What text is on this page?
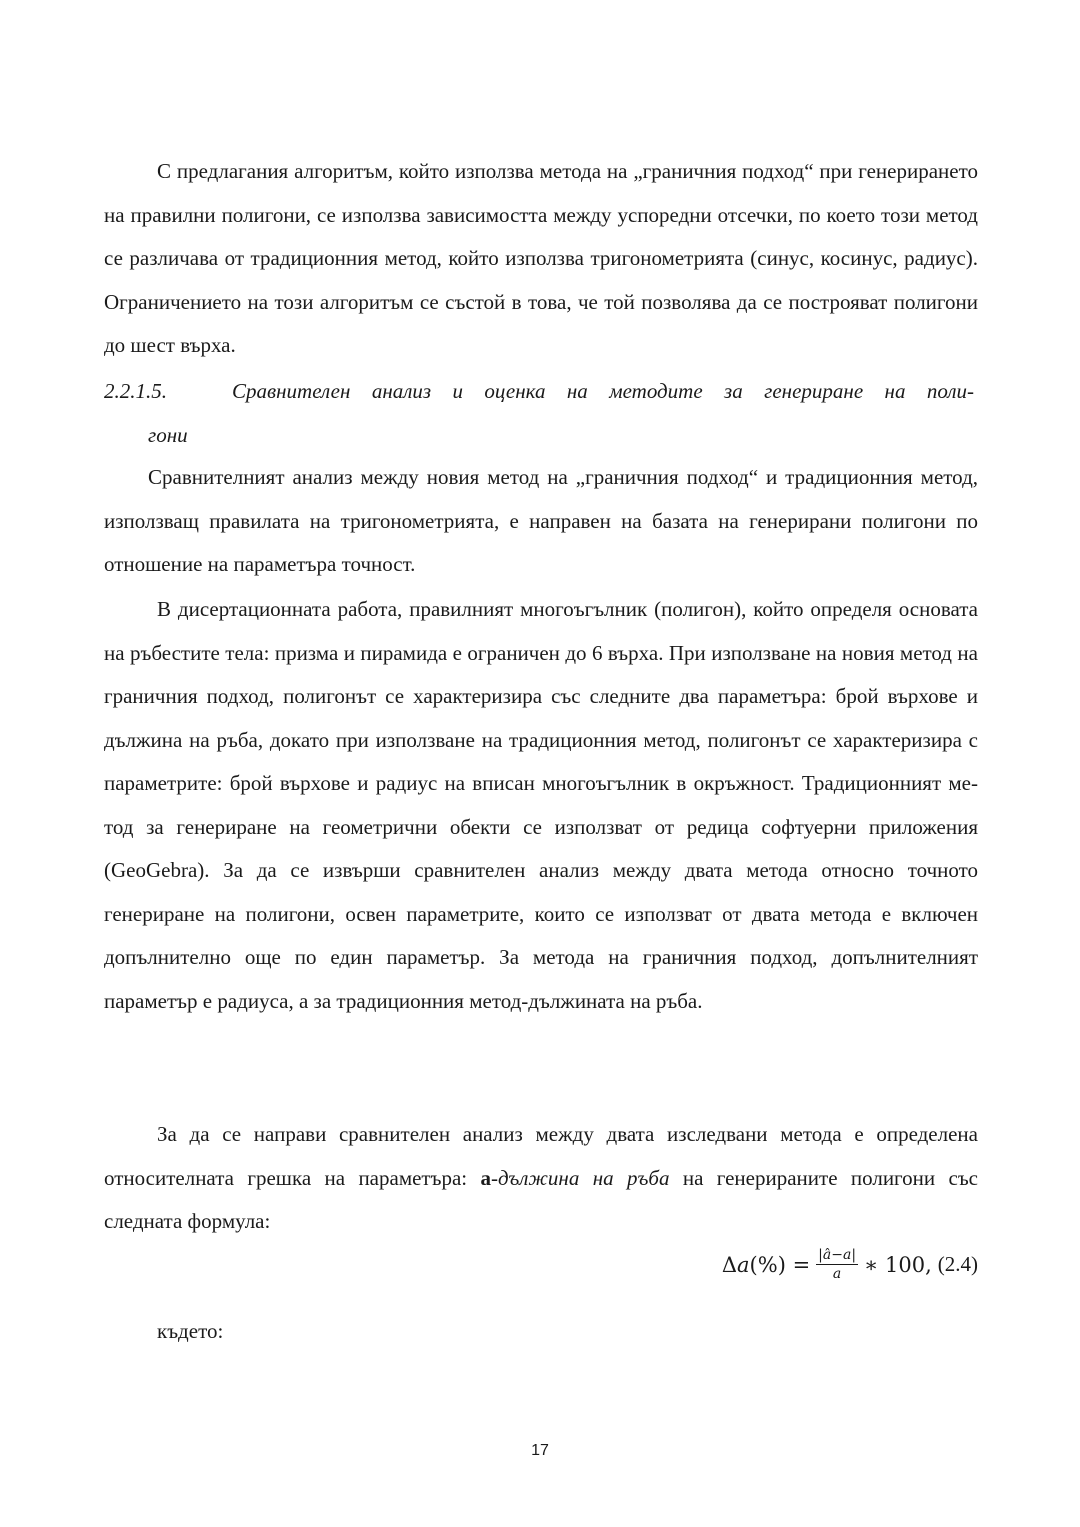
С предлагания алгоритъм, който използва метода на „граничния подход“ при генерирането на правилни полигони, се използва зависимостта между успоредни отсечки, по което този метод се различава от традиционния метод, който използва тригонометрията (синус, косинус, радиус). Ограничението на този алгоритъм се състой в това, че той позволява да се построяват полигони до шест върха.
2.2.1.5.	Сравнителен анализ и оценка на методите за генериране на поли-
гони
Сравнителният анализ между новия метод на „граничния подход“ и традиционния метод, използващ правилата на тригонометрията, е направен на базата на генерирани полигони по отношение на параметъра точност.
В дисертационната работа, правилният многоъгълник (полигон), който определя основата на ръбестите тела: призма и пирамида е ограничен до 6 върха. При използване на новия метод на граничния подход, полигонът се характеризира със следните два параметъра: брой върхове и дължина на ръба, докато при използване на традиционния метод, полигонът се характеризира с параметрите: брой върхове и радиус на вписан многоъгълник в окръжност. Традиционният метод за генериране на геометрични обекти се използват от редица софтуерни приложения (GeoGebra). За да се извърши сравнителен анализ между двата метода относно точното генериране на полигони, освен параметрите, които се използват от двата метода е включен допълнително още по един параметър. За метода на граничния подход, допълнителният параметър е радиуса, а за традиционния метод-дължината на ръба.
За да се направи сравнителен анализ между двата изследвани метода е определена относителната грешка на параметъра: а-дължина на ръба на генерираните полигони със следната формула:
Δ𝑎(%) = $\frac{\text{|𝑎̂−𝑎|}}{\text{𝑎}}$ ∗ 100, (2.4)
където:
17
